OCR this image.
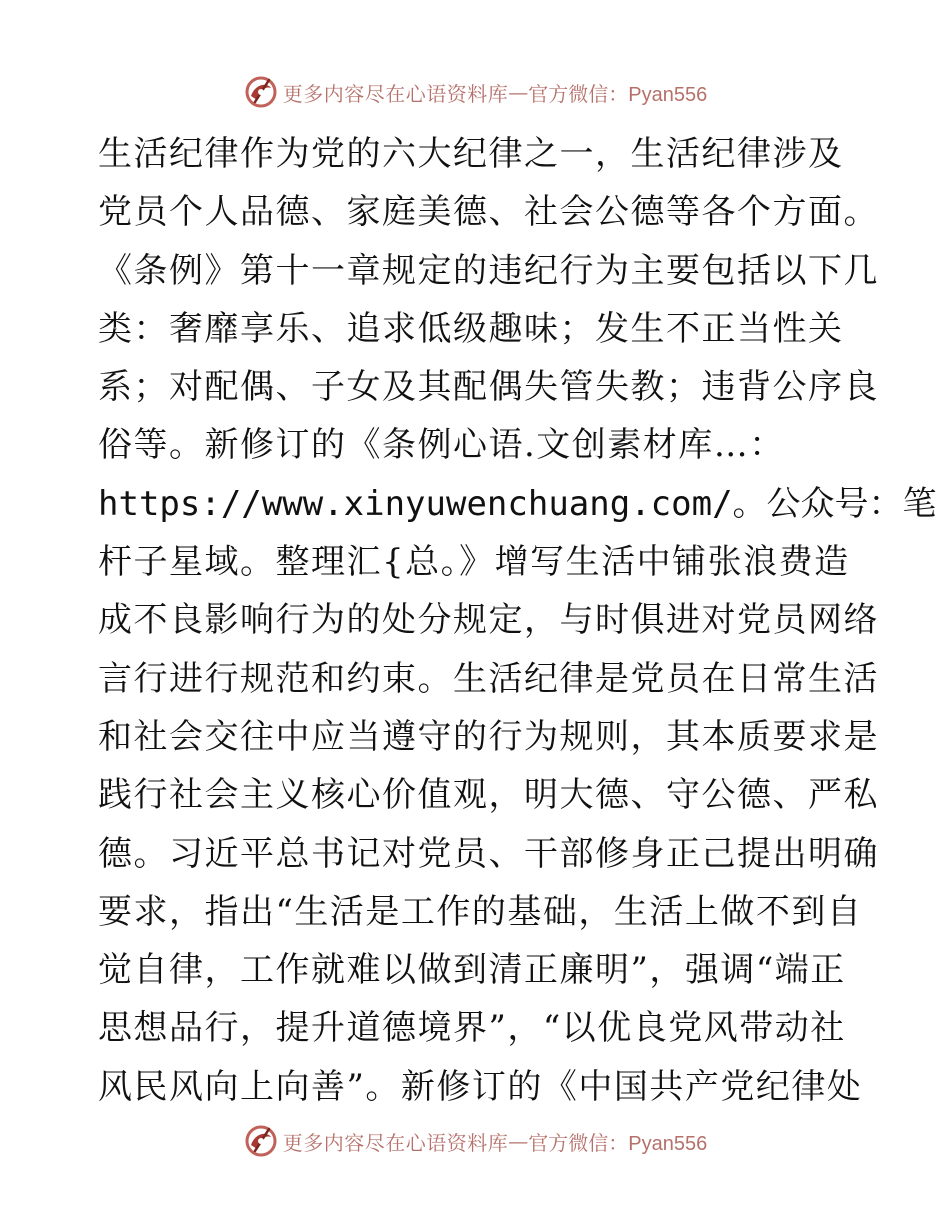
更多内容尽在心语资料库 — 官方微信：Pyan556
生活纪律作为党的六大纪律之一，生活纪律涉及
党员个人品德、家庭美德、社会公德等各个方面。
《条例》第十一章规定的违纪行为主要包括以下几
类：奢靡享乐、追求低级趣味；发生不正当性关
系；对配偶、子女及其配偶失管失教；违背公序良
俗等。新修订的《条例心语.文创素材库…：
https://www.xinyuwenchuang.com/。公众号：笔
杆子星域。整理汇{总。》增写生活中铺张浪费造
成不良影响行为的处分规定，与时俱进对党员网络
言行进行规范和约束。生活纪律是党员在日常生活
和社会交往中应当遵守的行为规则，其本质要求是
践行社会主义核心价值观，明大德、守公德、严私
德。习近平总书记对党员、干部修身正己提出明确
要求，指出“生活是工作的基础，生活上做不到自
觉自律，工作就难以做到清正廉明”，强调“端正
思想品行，提升道德境界”，“以优良党风带动社
风民风向上向善”。新修订的《中国共产党纪律处
更多内容尽在心语资料库 — 官方微信：Pyan556
